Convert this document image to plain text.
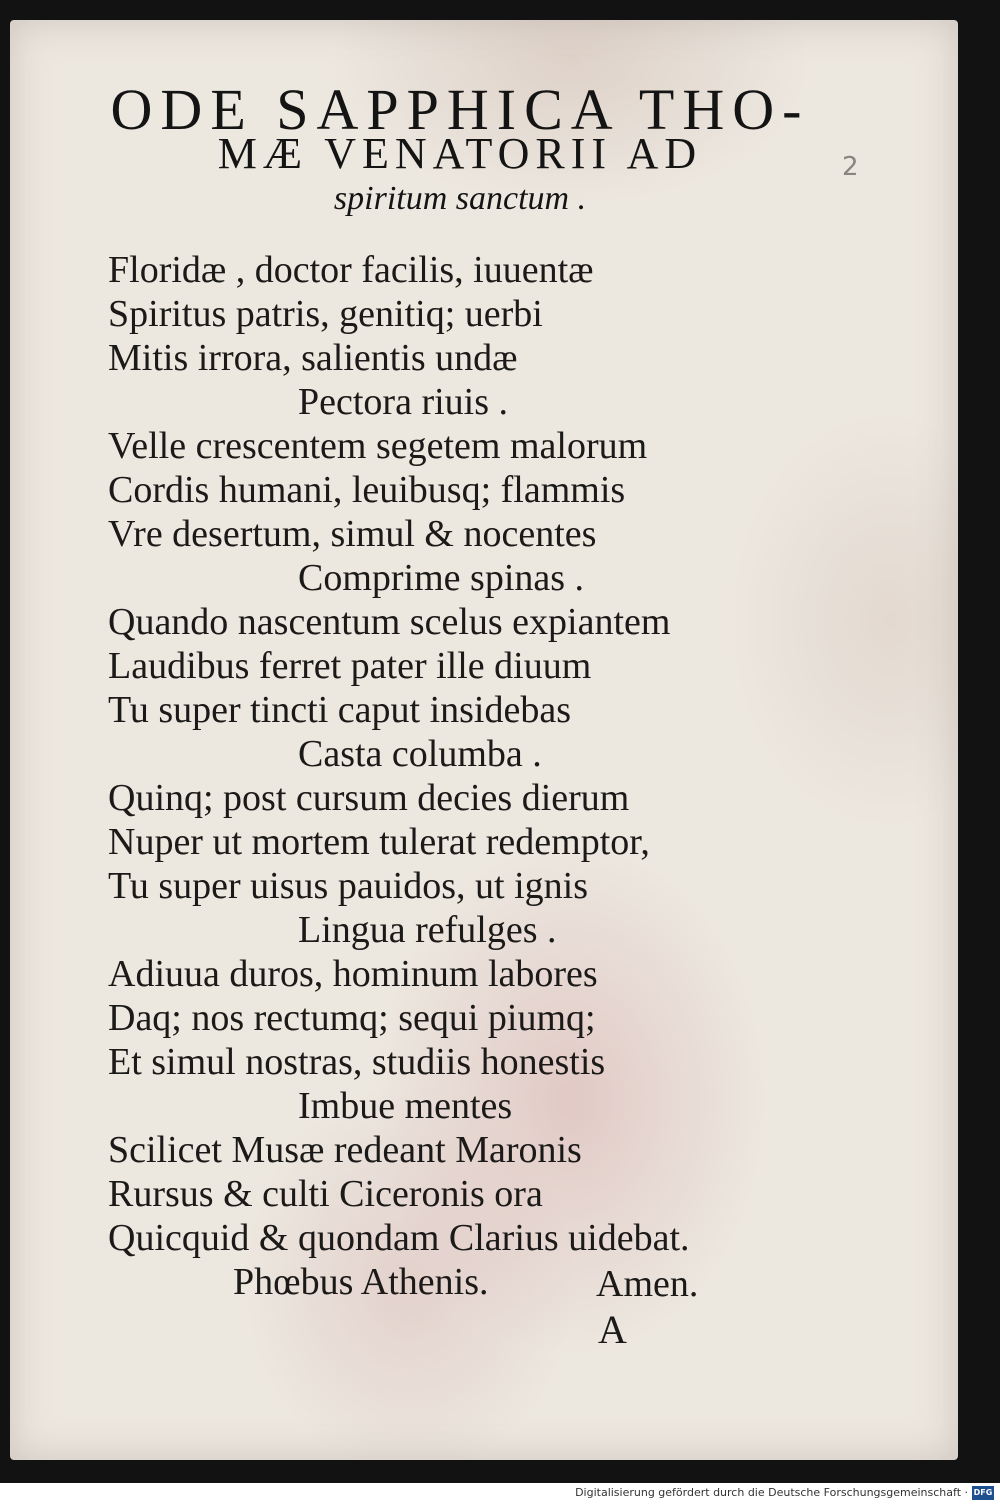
2
ODE SAPPHICA THO-
MÆ VENATORII AD
spiritum sanctum .
Floridæ , doctor facilis, iuuentæ
Spiritus patris, genitiq; uerbi
Mitis irrora, salientis undæ
Pectora riuis .
Velle crescentem segetem malorum
Cordis humani, leuibusq; flammis
Vre desertum, simul & nocentes
Comprime spinas .
Quando nascentum scelus expiantem
Laudibus ferret pater ille diuum
Tu super tincti caput insidebas
Casta columba .
Quinq; post cursum decies dierum
Nuper ut mortem tulerat redemptor,
Tu super uisus pauidos, ut ignis
Lingua refulges .
Adiuua duros, hominum labores
Daq; nos rectumq; sequi piumq;
Et simul nostras, studiis honestis
Imbue mentes
Scilicet Musæ redeant Maronis
Rursus & culti Ciceronis ora
Quicquid & quondam Clarius uidebat.
Phœbus Athenis.	Amen.
A
Digitalisierung gefördert durch die Deutsche Forschungsgemeinschaft · DFG
